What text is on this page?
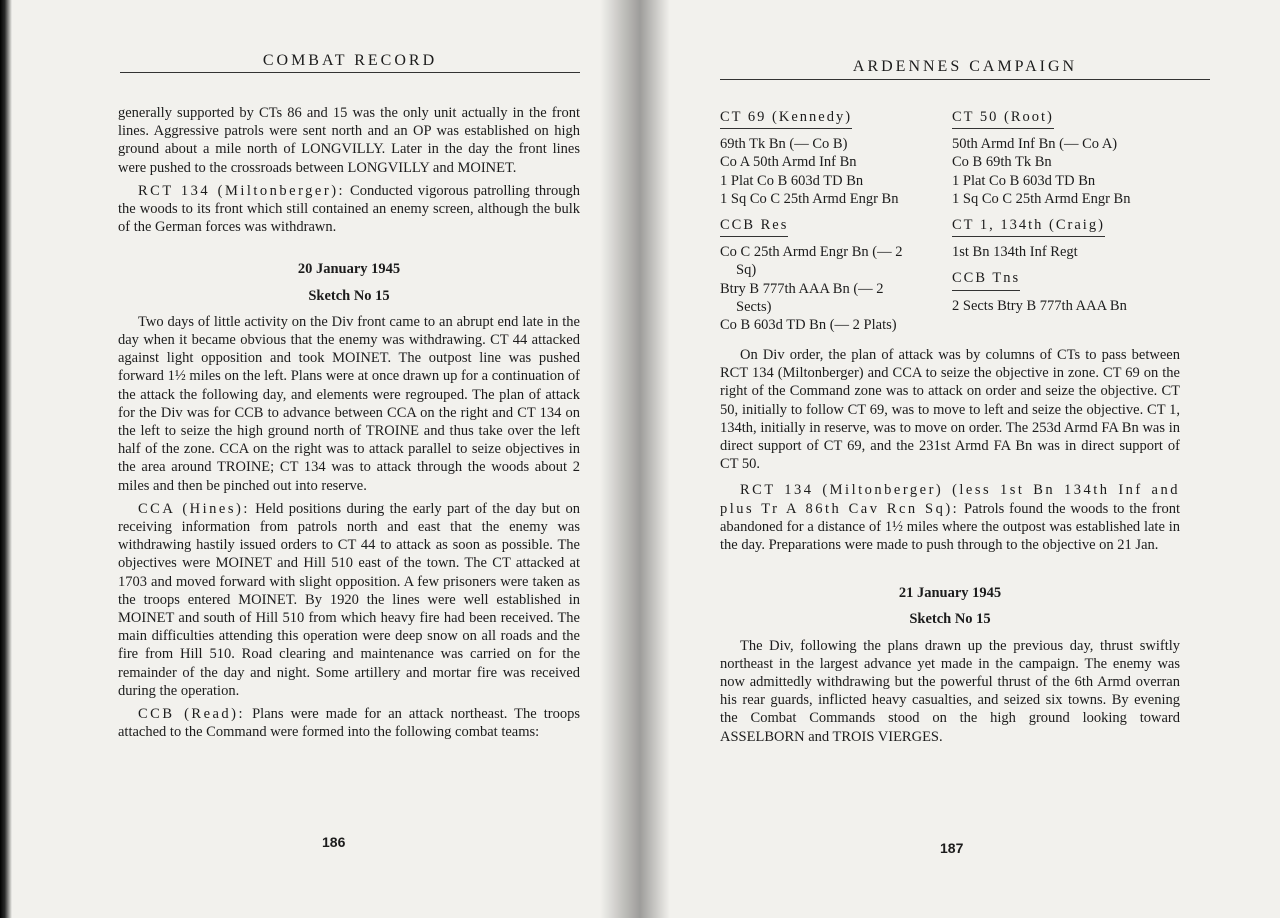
COMBAT RECORD

generally supported by CTs 86 and 15 was the only unit actually in the front lines. Aggressive patrols were sent north and an OP was established on high ground about a mile north of LONGVILLY. Later in the day the front lines were pushed to the crossroads between LONGVILLY and MOINET.

RCT 134 (Miltonberger): Conducted vigorous patrolling through the woods to its front which still contained an enemy screen, although the bulk of the German forces was withdrawn.

20 January 1945
Sketch No 15

Two days of little activity on the Div front came to an abrupt end late in the day when it became obvious that the enemy was withdrawing. CT 44 attacked against light opposition and took MOINET. The outpost line was pushed forward 1½ miles on the left. Plans were at once drawn up for a continuation of the attack the following day, and elements were regrouped. The plan of attack for the Div was for CCB to advance between CCA on the right and CT 134 on the left to seize the high ground north of TROINE and thus take over the left half of the zone. CCA on the right was to attack parallel to seize objectives in the area around TROINE; CT 134 was to attack through the woods about 2 miles and then be pinched out into reserve.

CCA (Hines): Held positions during the early part of the day but on receiving information from patrols north and east that the enemy was withdrawing hastily issued orders to CT 44 to attack as soon as possible. The objectives were MOINET and Hill 510 east of the town. The CT attacked at 1703 and moved forward with slight opposition. A few prisoners were taken as the troops entered MOINET. By 1920 the lines were well established in MOINET and south of Hill 510 from which heavy fire had been received. The main difficulties attending this operation were deep snow on all roads and the fire from Hill 510. Road clearing and maintenance was carried on for the remainder of the day and night. Some artillery and mortar fire was received during the operation.

CCB (Read): Plans were made for an attack northeast. The troops attached to the Command were formed into the following combat teams:

186
ARDENNES CAMPAIGN
CT 69 (Kennedy)
69th Tk Bn (— Co B)
Co A 50th Armd Inf Bn
1 Plat Co B 603d TD Bn
1 Sq Co C 25th Armd Engr Bn
CCB Res
Co C 25th Armd Engr Bn (— 2
Sq)
Btry B 777th AAA Bn (— 2
Sects)
Co B 603d TD Bn (— 2 Plats)
CT 50 (Root)
50th Armd Inf Bn (— Co A)
Co B 69th Tk Bn
1 Plat Co B 603d TD Bn
1 Sq Co C 25th Armd Engr Bn
CT 1, 134th (Craig)
1st Bn 134th Inf Regt
CCB Tns
2 Sects Btry B 777th AAA Bn

On Div order, the plan of attack was by columns of CTs to pass between RCT 134 (Miltonberger) and CCA to seize the objective in zone. CT 69 on the right of the Command zone was to attack on order and seize the objective. CT 50, initially to follow CT 69, was to move to left and seize the objective. CT 1, 134th, initially in reserve, was to move on order. The 253d Armd FA Bn was in direct support of CT 69, and the 231st Armd FA Bn was in direct support of CT 50.

RCT 134 (Miltonberger) (less 1st Bn 134th Inf and plus Tr A 86th Cav Rcn Sq): Patrols found the woods to the front abandoned for a distance of 1½ miles where the outpost was established late in the day. Preparations were made to push through to the objective on 21 Jan.

21 January 1945
Sketch No 15

The Div, following the plans drawn up the previous day, thrust swiftly northeast in the largest advance yet made in the campaign. The enemy was now admittedly withdrawing but the powerful thrust of the 6th Armd overran his rear guards, inflicted heavy casualties, and seized six towns. By evening the Combat Commands stood on the high ground looking toward ASSELBORN and TROIS VIERGES.

187
